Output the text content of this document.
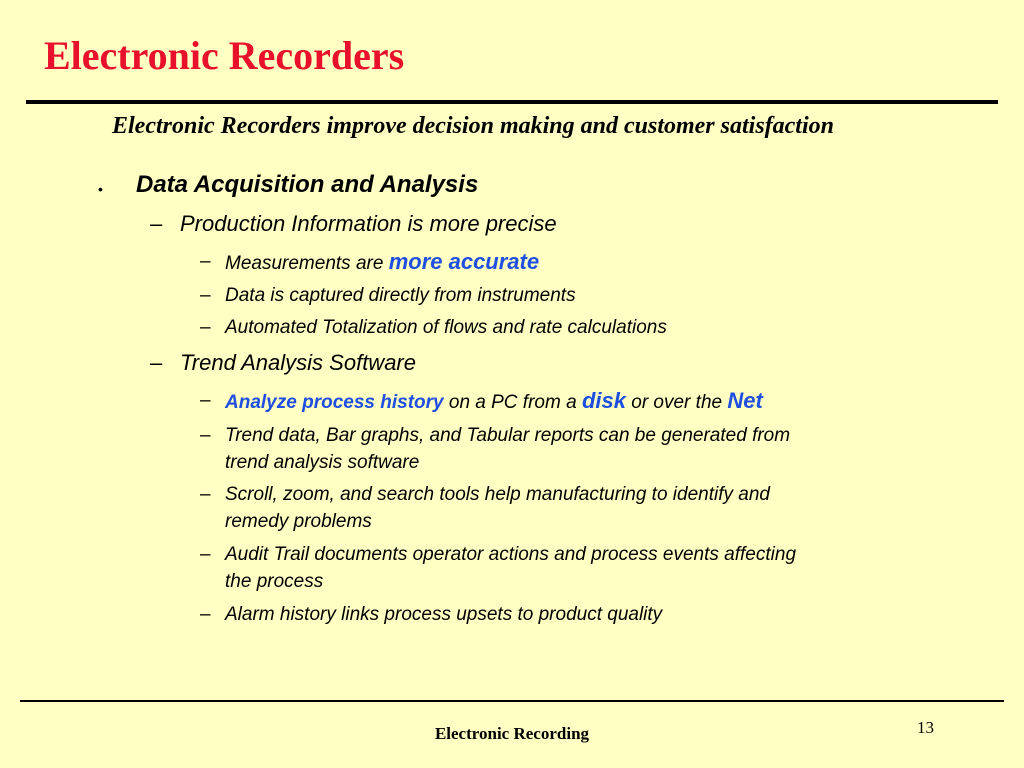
Electronic Recorders
Electronic Recorders improve decision making and customer satisfaction
• Data Acquisition and Analysis
– Production Information is more precise
– Measurements are more accurate
– Data is captured directly from instruments
– Automated Totalization of flows and rate calculations
– Trend Analysis Software
– Analyze process history on a PC from a disk or over the Net
– Trend data, Bar graphs, and Tabular reports can be generated from
trend analysis software
– Scroll, zoom, and search tools help manufacturing to identify and
remedy problems
– Audit Trail documents operator actions and process events affecting
the process
– Alarm history links process upsets to product quality
Electronic Recording	13
